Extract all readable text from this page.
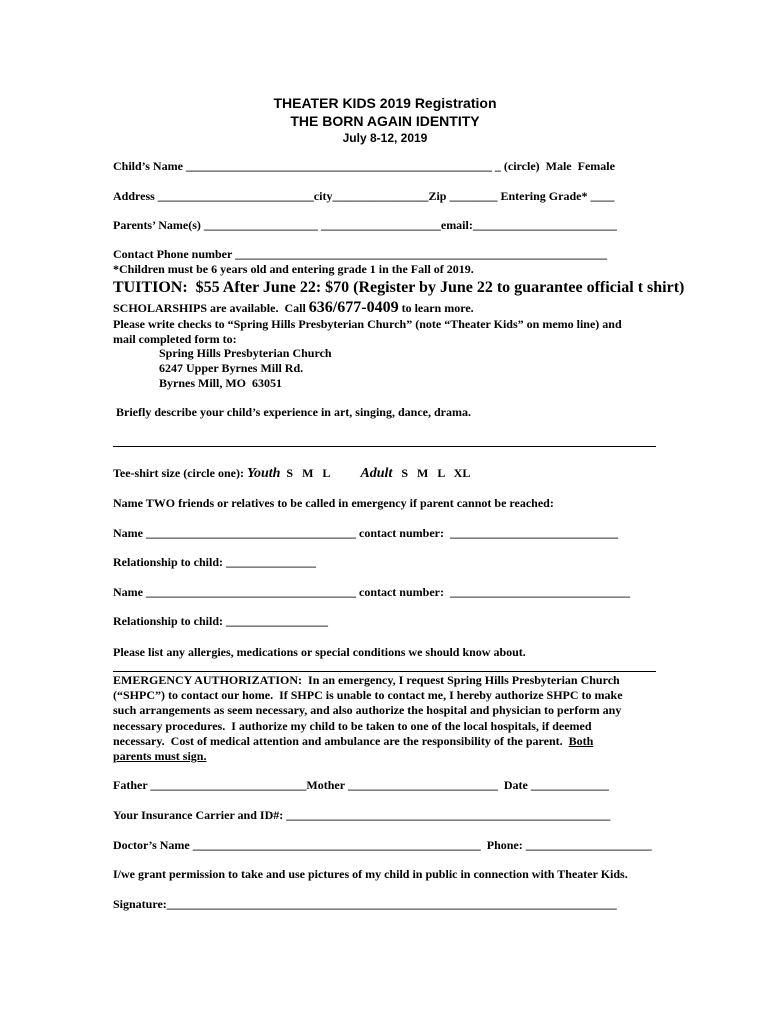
THEATER KIDS 2019 Registration
THE BORN AGAIN IDENTITY
July 8-12, 2019
Child’s Name ___________________________________________________ _ (circle)  Male  Female
Address __________________________city________________Zip ________ Entering Grade* ____
Parents’ Name(s) ___________________ ____________________email:________________________
Contact Phone number ______________________________________________________________
*Children must be 6 years old and entering grade 1 in the Fall of 2019.
TUITION:  $55 After June 22: $70 (Register by June 22 to guarantee official t shirt)
SCHOLARSHIPS are available.  Call 636/677-0409 to learn more.
Please write checks to “Spring Hills Presbyterian Church” (note “Theater Kids” on memo line) and
mail completed form to:
Spring Hills Presbyterian Church
6247 Upper Byrnes Mill Rd.
Byrnes Mill, MO  63051
Briefly describe your child’s experience in art, singing, dance, drama.
Tee-shirt size (circle one): Youth  S   M   L Adult   S   M   L   XL
Name TWO friends or relatives to be called in emergency if parent cannot be reached:
Name ___________________________________ contact number:  ____________________________
Relationship to child: _______________
Name ___________________________________ contact number:  ______________________________
Relationship to child: _________________
Please list any allergies, medications or special conditions we should know about.
EMERGENCY AUTHORIZATION:  In an emergency, I request Spring Hills Presbyterian Church
(“SHPC”) to contact our home.  If SHPC is unable to contact me, I hereby authorize SHPC to make
such arrangements as seem necessary, and also authorize the hospital and physician to perform any
necessary procedures.  I authorize my child to be taken to one of the local hospitals, if deemed
necessary.  Cost of medical attention and ambulance are the responsibility of the parent.  Both
parents must sign.
Father __________________________Mother _________________________  Date _____________
Your Insurance Carrier and ID#: ______________________________________________________
Doctor’s Name ________________________________________________  Phone: _____________________
I/we grant permission to take and use pictures of my child in public in connection with Theater Kids.
Signature:___________________________________________________________________________
